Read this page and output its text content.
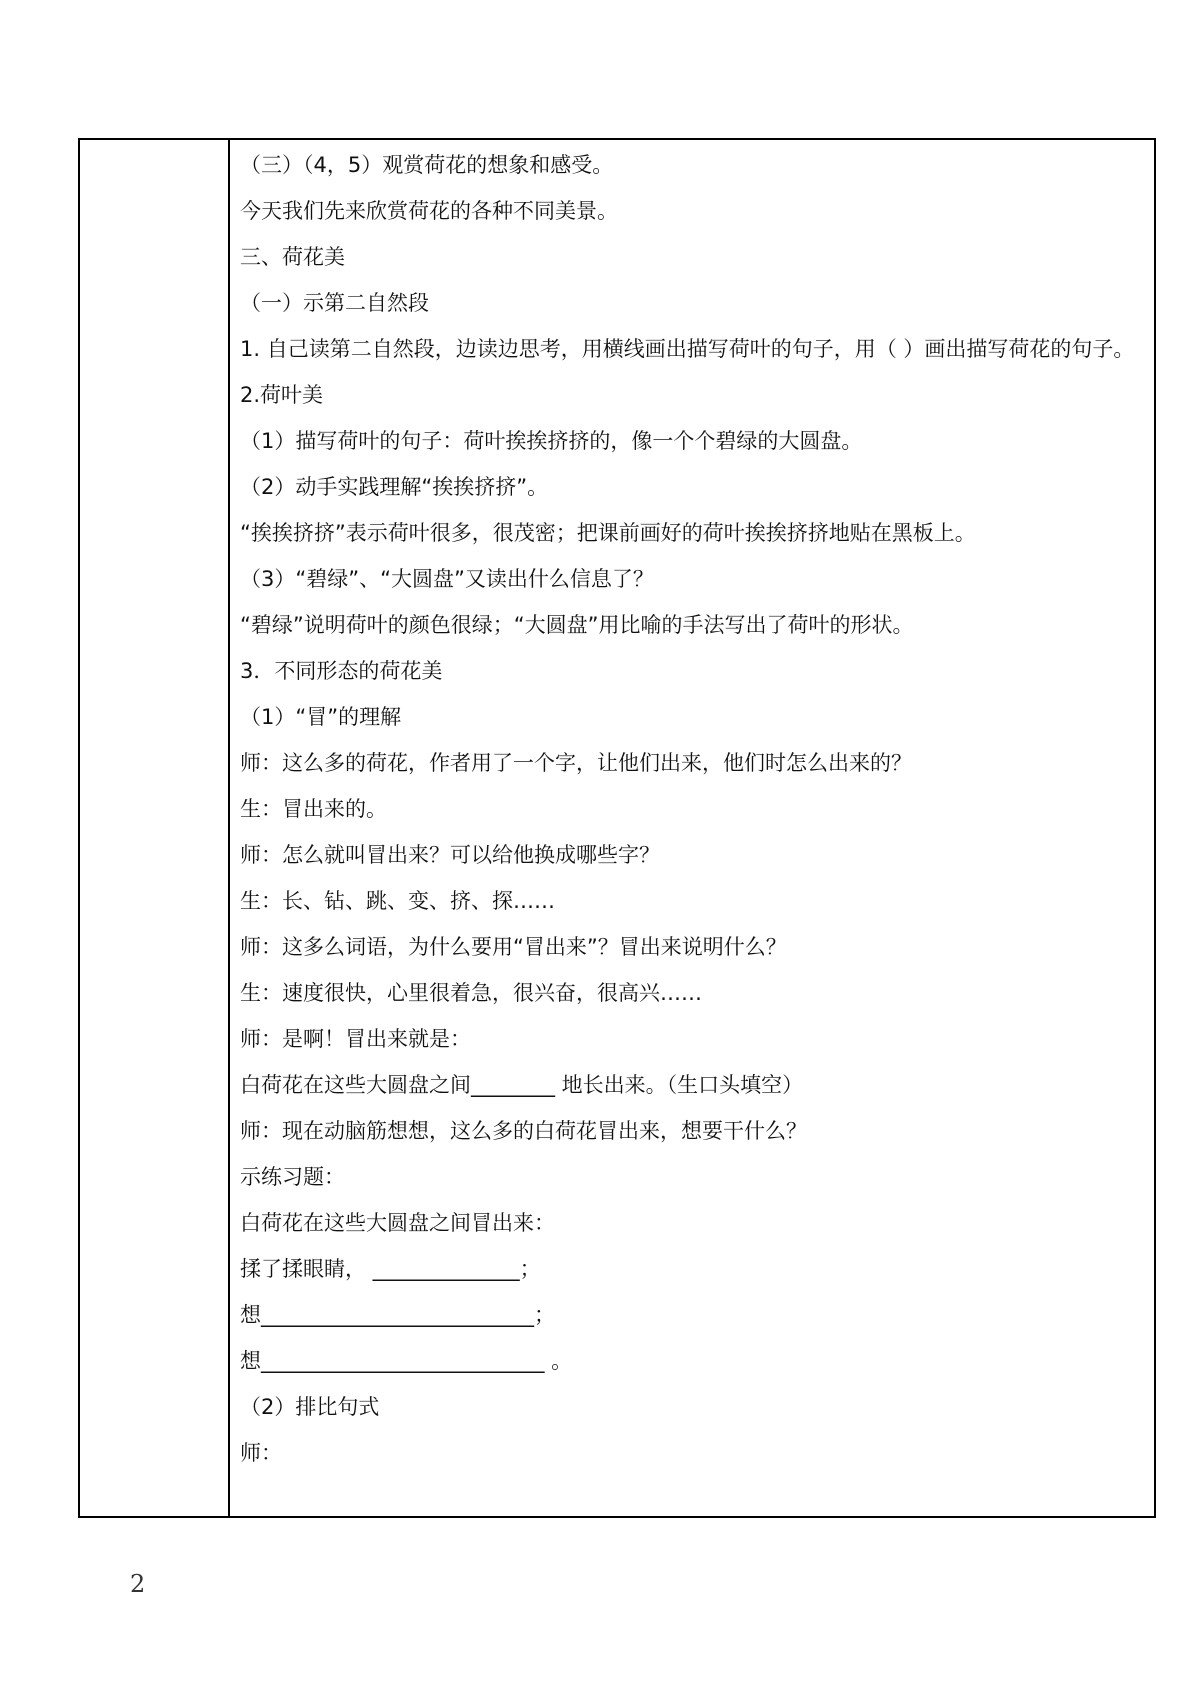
（三）（4，5）观赏荷花的想象和感受。
今天我们先来欣赏荷花的各种不同美景。
三、荷花美
（一）示第二自然段
1. 自己读第二自然段，边读边思考，用横线画出描写荷叶的句子，用（ ）画出描写荷花的句子。
2.荷叶美
（1）描写荷叶的句子：荷叶挨挨挤挤的，像一个个碧绿的大圆盘。
（2）动手实践理解“挨挨挤挤”。
“挨挨挤挤”表示荷叶很多，很茂密；把课前画好的荷叶挨挨挤挤地贴在黑板上。
（3）“碧绿”、“大圆盘”又读出什么信息了？
“碧绿”说明荷叶的颜色很绿；“大圆盘”用比喻的手法写出了荷叶的形状。
3．不同形态的荷花美
（1）“冒”的理解
师：这么多的荷花，作者用了一个字，让他们出来，他们时怎么出来的？
生：冒出来的。
师：怎么就叫冒出来？可以给他换成哪些字？
生：长、钻、跳、变、挤、探……
师：这多么词语，为什么要用“冒出来”？冒出来说明什么？
生：速度很快，心里很着急，很兴奋，很高兴……
师：是啊！冒出来就是：
白荷花在这些大圆盘之间________ 地长出来。（生口头填空）
师：现在动脑筋想想，这么多的白荷花冒出来，想要干什么？
示练习题：
白荷花在这些大圆盘之间冒出来：
揉了揉眼睛， ______________；
想__________________________；
想___________________________ 。
（2）排比句式
师：
2
